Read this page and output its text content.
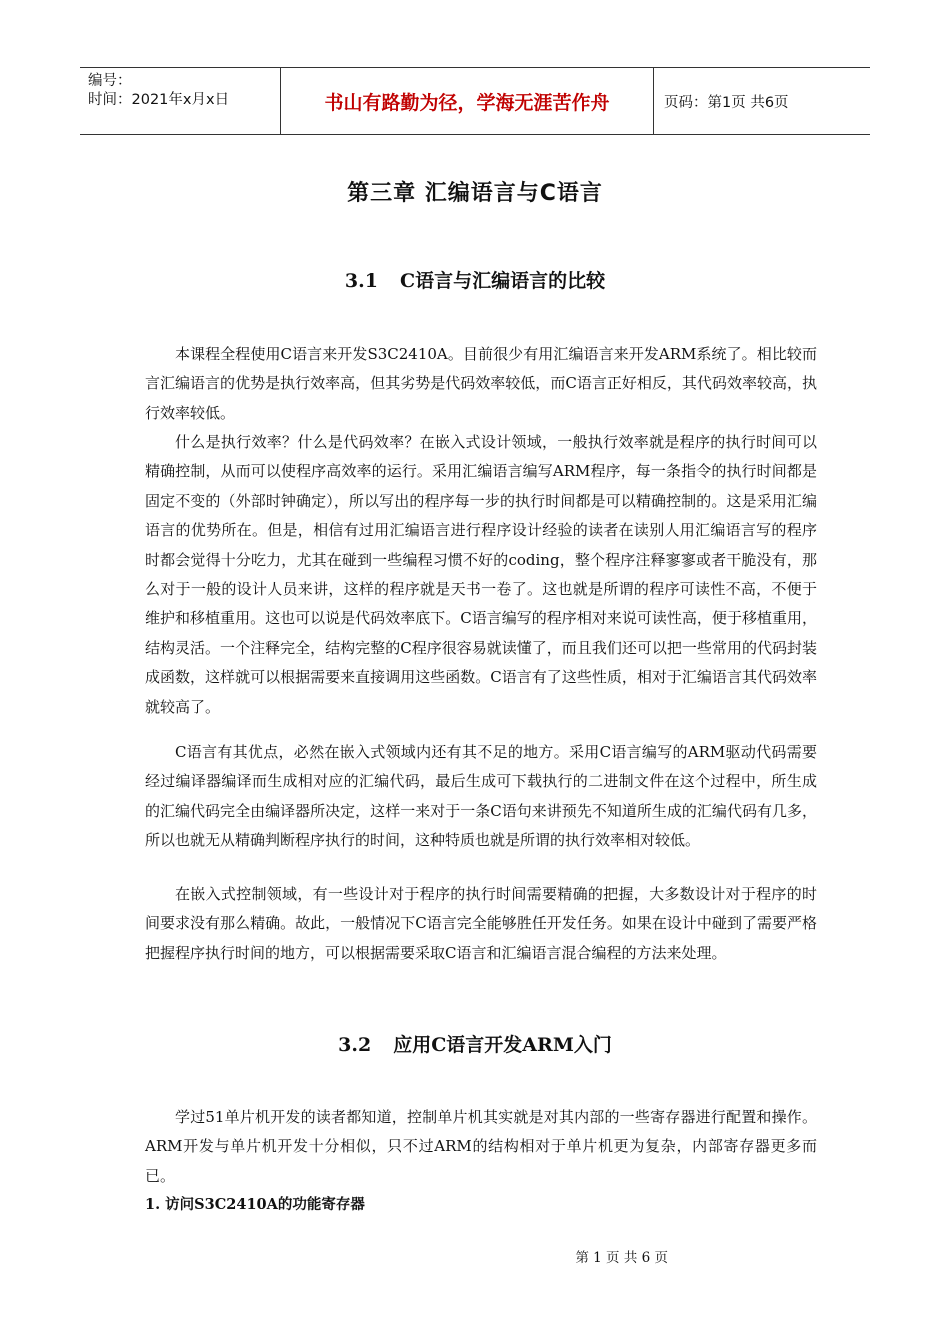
编号：
时间：2021年x月x日	书山有路勤为径，学海无涯苦作舟	页码：第1页 共6页
第三章 汇编语言与C语言
3.1 C语言与汇编语言的比较

本课程全程使用C语言来开发S3C2410A。目前很少有用汇编语言来开发ARM系统了。相比较而言汇编语言的优势是执行效率高，但其劣势是代码效率较低，而C语言正好相反，其代码效率较高，执行效率较低。

什么是执行效率？什么是代码效率？在嵌入式设计领域，一般执行效率就是程序的执行时间可以精确控制，从而可以使程序高效率的运行。采用汇编语言编写ARM程序，每一条指令的执行时间都是固定不变的（外部时钟确定），所以写出的程序每一步的执行时间都是可以精确控制的。这是采用汇编语言的优势所在。但是，相信有过用汇编语言进行程序设计经验的读者在读别人用汇编语言写的程序时都会觉得十分吃力，尤其在碰到一些编程习惯不好的coding，整个程序注释寥寥或者干脆没有，那么对于一般的设计人员来讲，这样的程序就是天书一卷了。这也就是所谓的程序可读性不高，不便于维护和移植重用。这也可以说是代码效率底下。C语言编写的程序相对来说可读性高，便于移植重用，结构灵活。一个注释完全，结构完整的C程序很容易就读懂了，而且我们还可以把一些常用的代码封装成函数，这样就可以根据需要来直接调用这些函数。C语言有了这些性质，相对于汇编语言其代码效率就较高了。

C语言有其优点，必然在嵌入式领域内还有其不足的地方。采用C语言编写的ARM驱动代码需要经过编译器编译而生成相对应的汇编代码，最后生成可下载执行的二进制文件在这个过程中，所生成的汇编代码完全由编译器所决定，这样一来对于一条C语句来讲预先不知道所生成的汇编代码有几多，所以也就无从精确判断程序执行的时间，这种特质也就是所谓的执行效率相对较低。

在嵌入式控制领域，有一些设计对于程序的执行时间需要精确的把握，大多数设计对于程序的时间要求没有那么精确。故此，一般情况下C语言完全能够胜任开发任务。如果在设计中碰到了需要严格把握程序执行时间的地方，可以根据需要采取C语言和汇编语言混合编程的方法来处理。

3.2 应用C语言开发ARM入门

学过51单片机开发的读者都知道，控制单片机其实就是对其内部的一些寄存器进行配置和操作。ARM开发与单片机开发十分相似，只不过ARM的结构相对于单片机更为复杂，内部寄存器更多而已。

1. 访问S3C2410A的功能寄存器
第 1 页 共 6 页
